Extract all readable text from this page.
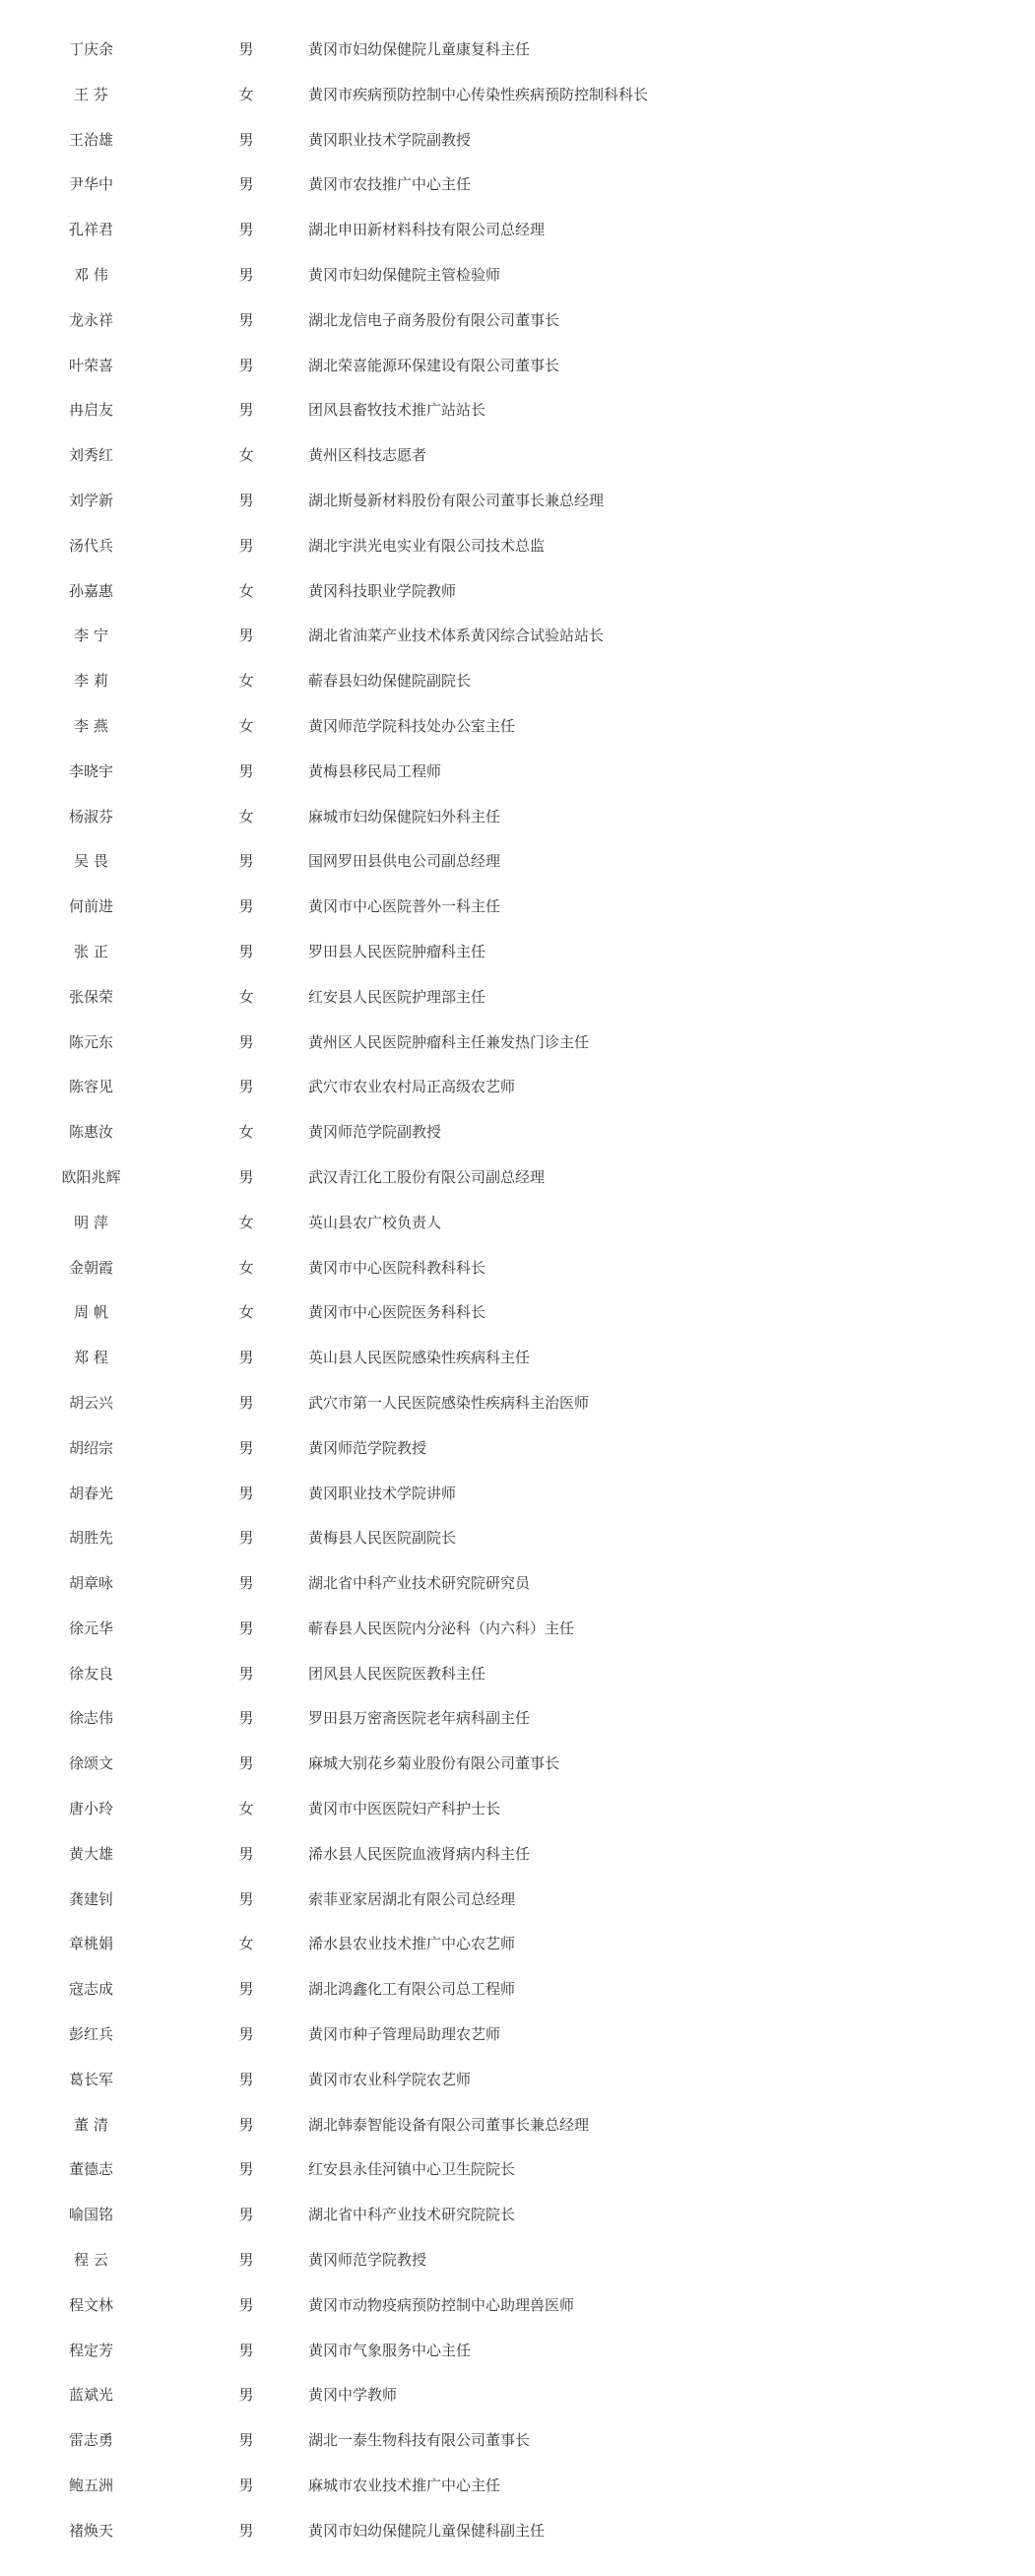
丁庆余	男	黄冈市妇幼保健院儿童康复科主任
王 芬	女	黄冈市疾病预防控制中心传染性疾病预防控制科科长
王治雄	男	黄冈职业技术学院副教授
尹华中	男	黄冈市农技推广中心主任
孔祥君	男	湖北申田新材料科技有限公司总经理
邓 伟	男	黄冈市妇幼保健院主管检验师
龙永祥	男	湖北龙信电子商务股份有限公司董事长
叶荣喜	男	湖北荣喜能源环保建设有限公司董事长
冉启友	男	团风县畜牧技术推广站站长
刘秀红	女	黄州区科技志愿者
刘学新	男	湖北斯曼新材料股份有限公司董事长兼总经理
汤代兵	男	湖北宇洪光电实业有限公司技术总监
孙嘉惠	女	黄冈科技职业学院教师
李 宁	男	湖北省油菜产业技术体系黄冈综合试验站站长
李 莉	女	蕲春县妇幼保健院副院长
李 燕	女	黄冈师范学院科技处办公室主任
李晓宇	男	黄梅县移民局工程师
杨淑芬	女	麻城市妇幼保健院妇外科主任
吴 畏	男	国网罗田县供电公司副总经理
何前进	男	黄冈市中心医院普外一科主任
张 正	男	罗田县人民医院肿瘤科主任
张保荣	女	红安县人民医院护理部主任
陈元东	男	黄州区人民医院肿瘤科主任兼发热门诊主任
陈容见	男	武穴市农业农村局正高级农艺师
陈惠汝	女	黄冈师范学院副教授
欧阳兆辉	男	武汉青江化工股份有限公司副总经理
明 萍	女	英山县农广校负责人
金朝霞	女	黄冈市中心医院科教科科长
周 帆	女	黄冈市中心医院医务科科长
郑 程	男	英山县人民医院感染性疾病科主任
胡云兴	男	武穴市第一人民医院感染性疾病科主治医师
胡绍宗	男	黄冈师范学院教授
胡春光	男	黄冈职业技术学院讲师
胡胜先	男	黄梅县人民医院副院长
胡章咏	男	湖北省中科产业技术研究院研究员
徐元华	男	蕲春县人民医院内分泌科（内六科）主任
徐友良	男	团风县人民医院医教科主任
徐志伟	男	罗田县万密斋医院老年病科副主任
徐颂文	男	麻城大别花乡菊业股份有限公司董事长
唐小玲	女	黄冈市中医医院妇产科护士长
黄大雄	男	浠水县人民医院血液肾病内科主任
龚建钊	男	索菲亚家居湖北有限公司总经理
章桃娟	女	浠水县农业技术推广中心农艺师
寇志成	男	湖北鸿鑫化工有限公司总工程师
彭红兵	男	黄冈市种子管理局助理农艺师
葛长军	男	黄冈市农业科学院农艺师
董 清	男	湖北韩泰智能设备有限公司董事长兼总经理
董德志	男	红安县永佳河镇中心卫生院院长
喻国铭	男	湖北省中科产业技术研究院院长
程 云	男	黄冈师范学院教授
程文林	男	黄冈市动物疫病预防控制中心助理兽医师
程定芳	男	黄冈市气象服务中心主任
蓝斌光	男	黄冈中学教师
雷志勇	男	湖北一泰生物科技有限公司董事长
鲍五洲	男	麻城市农业技术推广中心主任
褚焕天	男	黄冈市妇幼保健院儿童保健科副主任
